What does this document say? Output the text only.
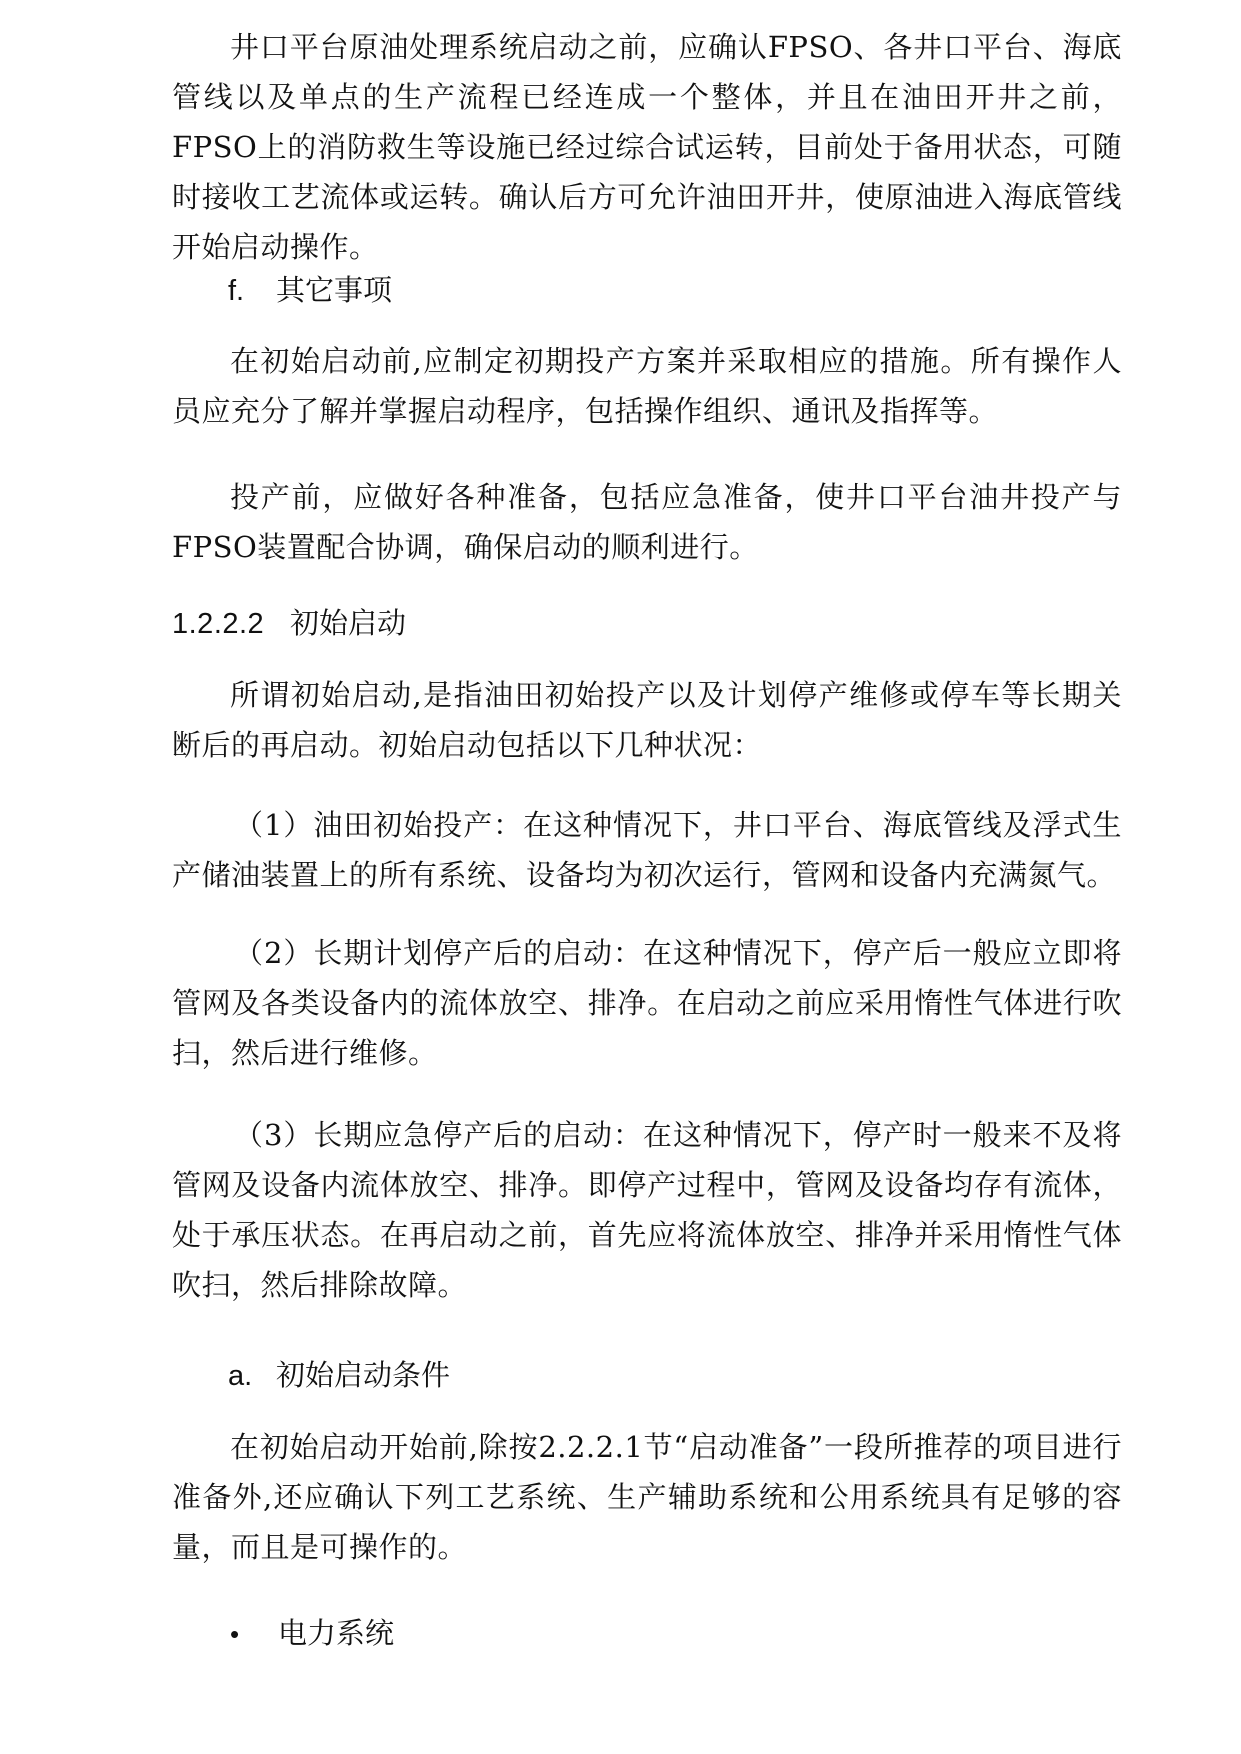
井口平台原油处理系统启动之前，应确认FPSO、各井口平台、海底管线以及单点的生产流程已经连成一个整体，并且在油田开井之前，FPSO上的消防救生等设施已经过综合试运转，目前处于备用状态，可随时接收工艺流体或运转。确认后方可允许油田开井，使原油进入海底管线开始启动操作。

f. 其它事项

在初始启动前,应制定初期投产方案并采取相应的措施。所有操作人员应充分了解并掌握启动程序，包括操作组织、通讯及指挥等。

投产前，应做好各种准备，包括应急准备，使井口平台油井投产与FPSO装置配合协调，确保启动的顺利进行。

1.2.2.2 初始启动

所谓初始启动,是指油田初始投产以及计划停产维修或停车等长期关断后的再启动。初始启动包括以下几种状况：

（1）油田初始投产：在这种情况下，井口平台、海底管线及浮式生产储油装置上的所有系统、设备均为初次运行，管网和设备内充满氮气。

（2）长期计划停产后的启动：在这种情况下，停产后一般应立即将管网及各类设备内的流体放空、排净。在启动之前应采用惰性气体进行吹扫，然后进行维修。

（3）长期应急停产后的启动：在这种情况下，停产时一般来不及将管网及设备内流体放空、排净。即停产过程中，管网及设备均存有流体，处于承压状态。在再启动之前，首先应将流体放空、排净并采用惰性气体吹扫，然后排除故障。

a. 初始启动条件

在初始启动开始前,除按2.2.2.1节“启动准备”一段所推荐的项目进行准备外,还应确认下列工艺系统、生产辅助系统和公用系统具有足够的容量，而且是可操作的。

• 电力系统
